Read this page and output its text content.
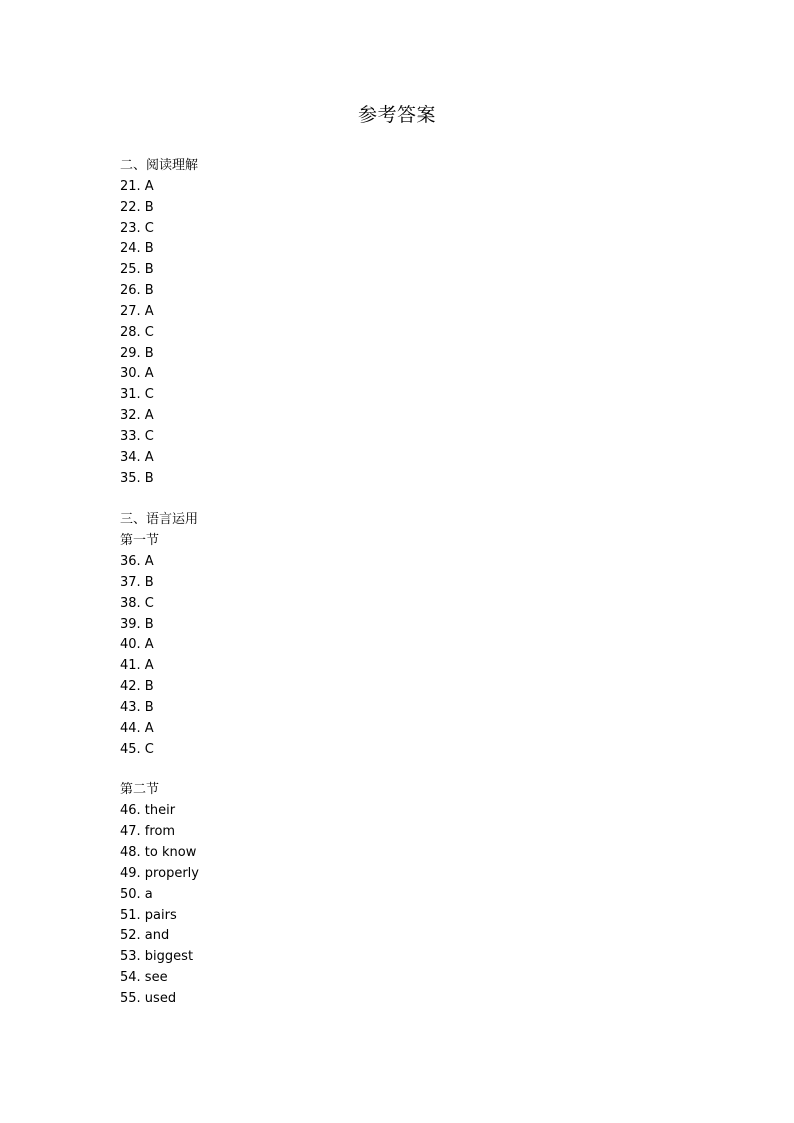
参考答案
二、阅读理解
21. A
22. B
23. C
24. B
25. B
26. B
27. A
28. C
29. B
30. A
31. C
32. A
33. C
34. A
35. B
三、语言运用
第一节
36. A
37. B
38. C
39. B
40. A
41. A
42. B
43. B
44. A
45. C
第二节
46. their
47. from
48. to know
49. properly
50. a
51. pairs
52. and
53. biggest
54. see
55. used
